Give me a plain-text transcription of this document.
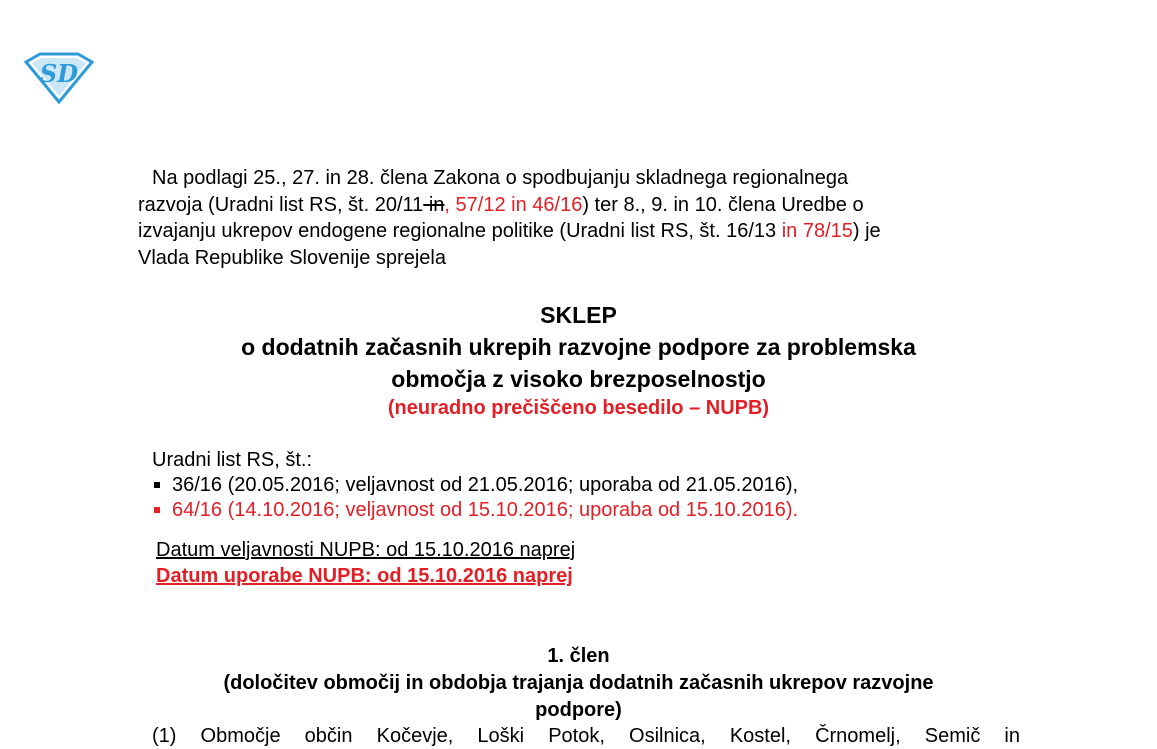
SD
Na podlagi 25., 27. in 28. člena Zakona o spodbujanju skladnega regionalnega
razvoja (Uradni list RS, št. 20/11 in, 57/12 in 46/16) ter 8., 9. in 10. člena Uredbe o
izvajanju ukrepov endogene regionalne politike (Uradni list RS, št. 16/13 in 78/15) je
Vlada Republike Slovenije sprejela
SKLEP
o dodatnih začasnih ukrepih razvojne podpore za problemska
območja z visoko brezposelnostjo
(neuradno prečiščeno besedilo – NUPB)
Uradni list RS, št.:
36/16 (20.05.2016; veljavnost od 21.05.2016; uporaba od 21.05.2016),
64/16 (14.10.2016; veljavnost od 15.10.2016; uporaba od 15.10.2016).
Datum veljavnosti NUPB: od 15.10.2016 naprej
Datum uporabe NUPB: od 15.10.2016 naprej
1. člen
(določitev območij in obdobja trajanja dodatnih začasnih ukrepov razvojne
podpore)
(1) Območje občin Kočevje, Loški Potok, Osilnica, Kostel, Črnomelj, Semič in
